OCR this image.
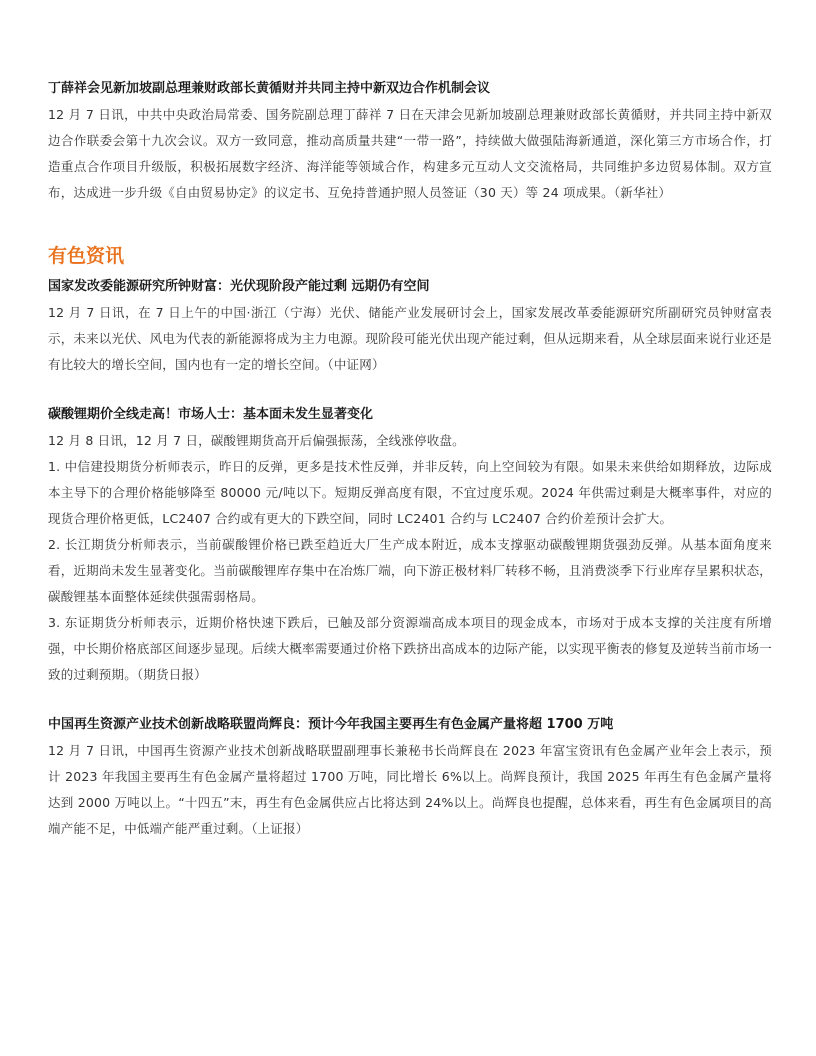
丁薛祥会见新加坡副总理兼财政部长黄循财并共同主持中新双边合作机制会议

12 月 7 日讯，中共中央政治局常委、国务院副总理丁薛祥 7 日在天津会见新加坡副总理兼财政部长黄循财，并共同主持中新双边合作联委会第十九次会议。双方一致同意，推动高质量共建“一带一路”，持续做大做强陆海新通道，深化第三方市场合作，打造重点合作项目升级版，积极拓展数字经济、海洋能等领域合作，构建多元互动人文交流格局，共同维护多边贸易体制。双方宣布，达成进一步升级《自由贸易协定》的议定书、互免持普通护照人员签证（30 天）等 24 项成果。（新华社）

有色资讯
国家发改委能源研究所钟财富：光伏现阶段产能过剩 远期仍有空间

12 月 7 日讯，在 7 日上午的中国·浙江（宁海）光伏、储能产业发展研讨会上，国家发展改革委能源研究所副研究员钟财富表示，未来以光伏、风电为代表的新能源将成为主力电源。现阶段可能光伏出现产能过剩，但从远期来看，从全球层面来说行业还是有比较大的增长空间，国内也有一定的增长空间。（中证网）

碳酸锂期价全线走高！市场人士：基本面未发生显著变化

12 月 8 日讯，12 月 7 日，碳酸锂期货高开后偏强振荡，全线涨停收盘。

1. 中信建投期货分析师表示，昨日的反弹，更多是技术性反弹，并非反转，向上空间较为有限。如果未来供给如期释放，边际成本主导下的合理价格能够降至 80000 元/吨以下。短期反弹高度有限，不宜过度乐观。2024 年供需过剩是大概率事件，对应的现货合理价格更低，LC2407 合约或有更大的下跌空间，同时 LC2401 合约与 LC2407 合约价差预计会扩大。

2. 长江期货分析师表示，当前碳酸锂价格已跌至趋近大厂生产成本附近，成本支撑驱动碳酸锂期货强劲反弹。从基本面角度来看，近期尚未发生显著变化。当前碳酸锂库存集中在冶炼厂端，向下游正极材料厂转移不畅，且消费淡季下行业库存呈累积状态，碳酸锂基本面整体延续供强需弱格局。

3. 东证期货分析师表示，近期价格快速下跌后，已触及部分资源端高成本项目的现金成本，市场对于成本支撑的关注度有所增强，中长期价格底部区间逐步显现。后续大概率需要通过价格下跌挤出高成本的边际产能，以实现平衡表的修复及逆转当前市场一致的过剩预期。（期货日报）

中国再生资源产业技术创新战略联盟尚辉良：预计今年我国主要再生有色金属产量将超 1700 万吨

12 月 7 日讯，中国再生资源产业技术创新战略联盟副理事长兼秘书长尚辉良在 2023 年富宝资讯有色金属产业年会上表示，预计 2023 年我国主要再生有色金属产量将超过 1700 万吨，同比增长 6%以上。尚辉良预计，我国 2025 年再生有色金属产量将达到 2000 万吨以上。“十四五”末，再生有色金属供应占比将达到 24%以上。尚辉良也提醒，总体来看，再生有色金属项目的高端产能不足，中低端产能严重过剩。（上证报）
